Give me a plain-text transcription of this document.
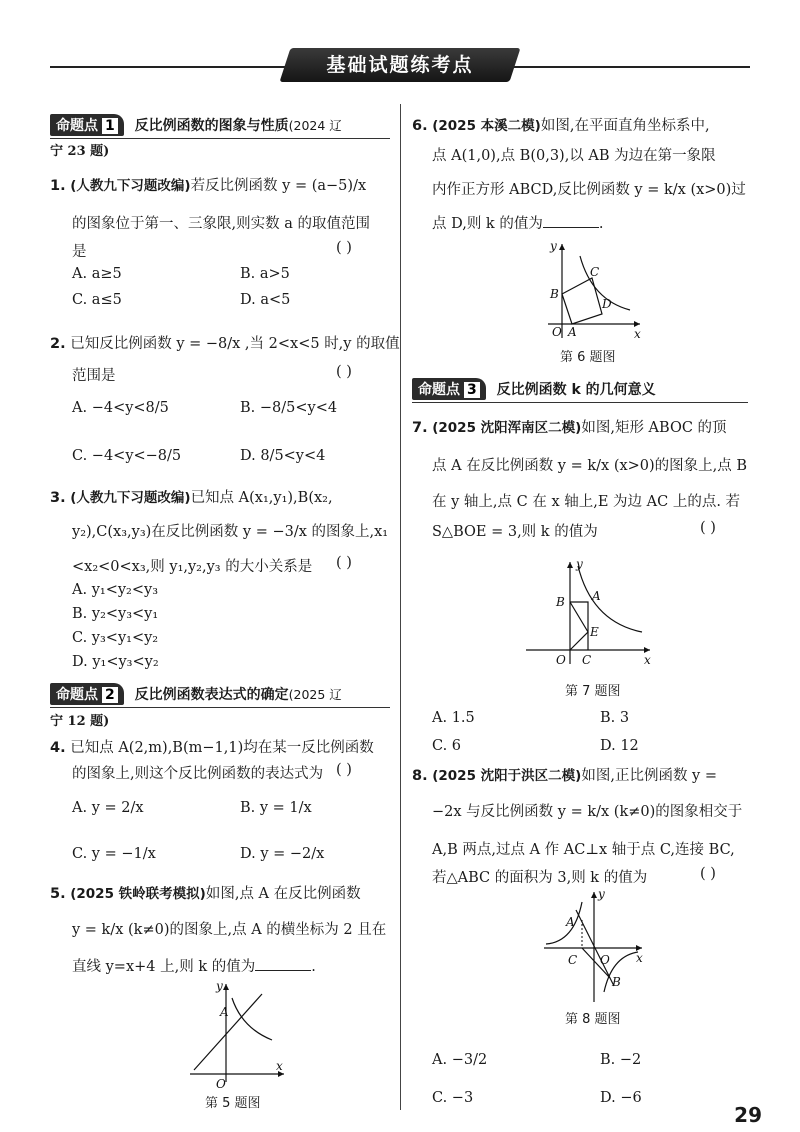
基础试题练考点
命题点 1 反比例函数的图象与性质(2024 辽
宁 23 题)
1. (人教九下习题改编)若反比例函数 y = (a−5)/x
的图象位于第一、三象限,则实数 a 的取值范围
是	( )
A. a≥5	B. a>5
C. a≤5	D. a<5
2. 已知反比例函数 y = −8/x ,当 2<x<5 时,y 的取值
范围是	( )
A. −4<y<8/5	B. −8/5<y<4
C. −4<y<−8/5	D. 8/5<y<4
3. (人教九下习题改编)已知点 A(x₁,y₁),B(x₂,
y₂),C(x₃,y₃)在反比例函数 y = −3/x 的图象上,x₁
<x₂<0<x₃,则 y₁,y₂,y₃ 的大小关系是 ( )
A. y₁<y₂<y₃
B. y₂<y₃<y₁
C. y₃<y₁<y₂
D. y₁<y₃<y₂
命题点 2 反比例函数表达式的确定(2025 辽
宁 12 题)
4. 已知点 A(2,m),B(m−1,1)均在某一反比例函数
的图象上,则这个反比例函数的表达式为 ( )
A. y = 2/x	B. y = 1/x
C. y = −1/x	D. y = −2/x
5. (2025 铁岭联考模拟)如图,点 A 在反比例函数
y = k/x (k≠0)的图象上,点 A 的横坐标为 2 且在
直线 y=x+4 上,则 k 的值为	.
A
O
x
y
第 5 题图
6. (2025 本溪二模)如图,在平面直角坐标系中,
点 A(1,0),点 B(0,3),以 AB 为边在第一象限
内作正方形 ABCD,反比例函数 y = k/x (x>0)过
点 D,则 k 的值为	.
B
A
O
C
D
x
y
第 6 题图
命题点 3 反比例函数 k 的几何意义
7. (2025 沈阳浑南区二模)如图,矩形 ABOC 的顶
点 A 在反比例函数 y = k/x (x>0)的图象上,点 B
在 y 轴上,点 C 在 x 轴上,E 为边 AC 上的点. 若
S△BOE = 3,则 k 的值为	( )
B A
E
O C	x
y
第 7 题图
A. 1.5	B. 3
C. 6	D. 12
8. (2025 沈阳于洪区二模)如图,正比例函数 y =
−2x 与反比例函数 y = k/x (k≠0)的图象相交于
A,B 两点,过点 A 作 AC⊥x 轴于点 C,连接 BC,
若△ABC 的面积为 3,则 k 的值为	( )
A
C O
B
x
y
第 8 题图
A. −3/2	B. −2
C. −3	D. −6
29
